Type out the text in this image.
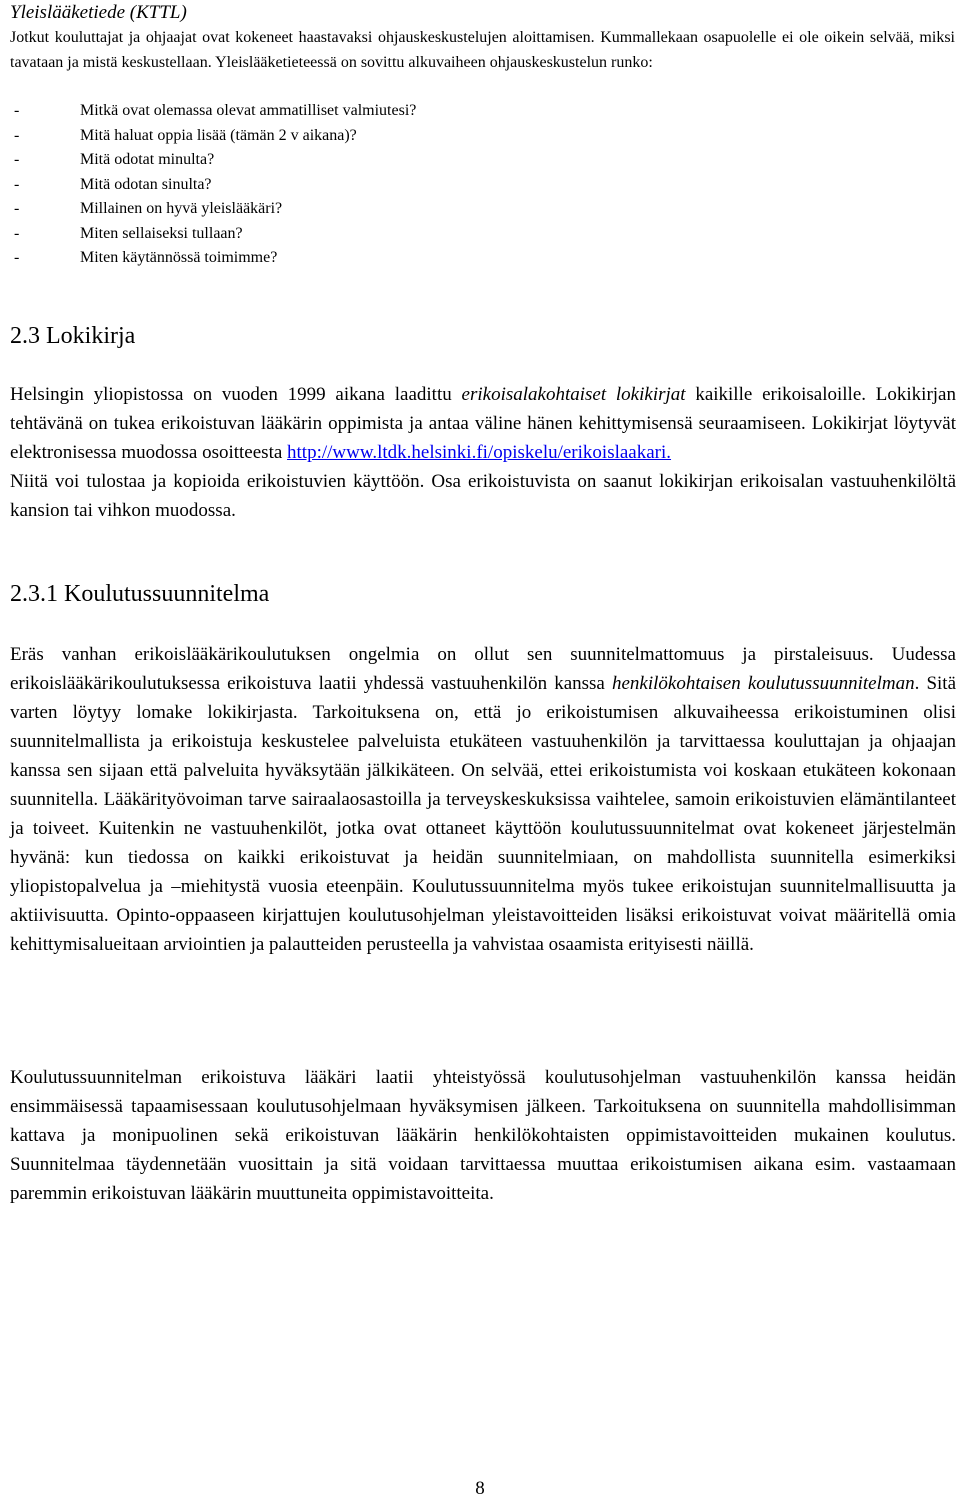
Yleislääketiede (KTTL)

Jotkut kouluttajat ja ohjaajat ovat kokeneet haastavaksi ohjauskeskustelujen aloittamisen. Kummallekaan osapuolelle ei ole oikein selvää, miksi tavataan ja mistä keskustellaan. Yleislääketieteessä on sovittu alkuvaiheen ohjauskeskustelun runko:

-	Mitkä ovat olemassa olevat ammatilliset valmiutesi?
-	Mitä haluat oppia lisää (tämän 2 v aikana)?
-	Mitä odotat minulta?
-	Mitä odotan sinulta?
-	Millainen on hyvä yleislääkäri?
-	Miten sellaiseksi tullaan?
-	Miten käytännössä toimimme?
2.3 Lokikirja

Helsingin yliopistossa on vuoden 1999 aikana laadittu erikoisalakohtaiset lokikirjat kaikille erikoisaloille. Lokikirjan tehtävänä on tukea erikoistuvan lääkärin oppimista ja antaa väline hänen kehittymisensä seuraamiseen. Lokikirjat löytyvät elektronisessa muodossa osoitteesta http://www.ltdk.helsinki.fi/opiskelu/erikoislaakari.

Niitä voi tulostaa ja kopioida erikoistuvien käyttöön. Osa erikoistuvista on saanut lokikirjan erikoisalan vastuuhenkilöltä kansion tai vihkon muodossa.

2.3.1 Koulutussuunnitelma

Eräs vanhan erikoislääkärikoulutuksen ongelmia on ollut sen suunnitelmattomuus ja pirstaleisuus. Uudessa erikoislääkärikoulutuksessa erikoistuva laatii yhdessä vastuuhenkilön kanssa henkilökohtaisen koulutussuunnitelman. Sitä varten löytyy lomake lokikirjasta. Tarkoituksena on, että jo erikoistumisen alkuvaiheessa erikoistuminen olisi suunnitelmallista ja erikoistuja keskustelee palveluista etukäteen vastuuhenkilön ja tarvittaessa kouluttajan ja ohjaajan kanssa sen sijaan että palveluita hyväksytään jälkikäteen. On selvää, ettei erikoistumista voi koskaan etukäteen kokonaan suunnitella. Lääkärityövoiman tarve sairaalaosastoilla ja terveyskeskuksissa vaihtelee, samoin erikoistuvien elämäntilanteet ja toiveet. Kuitenkin ne vastuuhenkilöt, jotka ovat ottaneet käyttöön koulutussuunnitelmat ovat kokeneet järjestelmän hyvänä: kun tiedossa on kaikki erikoistuvat ja heidän suunnitelmiaan, on mahdollista suunnitella esimerkiksi yliopistopalvelua ja –miehitystä vuosia eteenpäin. Koulutussuunnitelma myös tukee erikoistujan suunnitelmallisuutta ja aktiivisuutta. Opinto-oppaaseen kirjattujen koulutusohjelman yleistavoitteiden lisäksi erikoistuvat voivat määritellä omia kehittymisalueitaan arviointien ja palautteiden perusteella ja vahvistaa osaamista erityisesti näillä.

Koulutussuunnitelman erikoistuva lääkäri laatii yhteistyössä koulutusohjelman vastuuhenkilön kanssa heidän ensimmäisessä tapaamisessaan koulutusohjelmaan hyväksymisen jälkeen. Tarkoituksena on suunnitella mahdollisimman kattava ja monipuolinen sekä erikoistuvan lääkärin henkilökohtaisten oppimistavoitteiden mukainen koulutus. Suunnitelmaa täydennetään vuosittain ja sitä voidaan tarvittaessa muuttaa erikoistumisen aikana esim. vastaamaan paremmin erikoistuvan lääkärin muuttuneita oppimistavoitteita.

8
